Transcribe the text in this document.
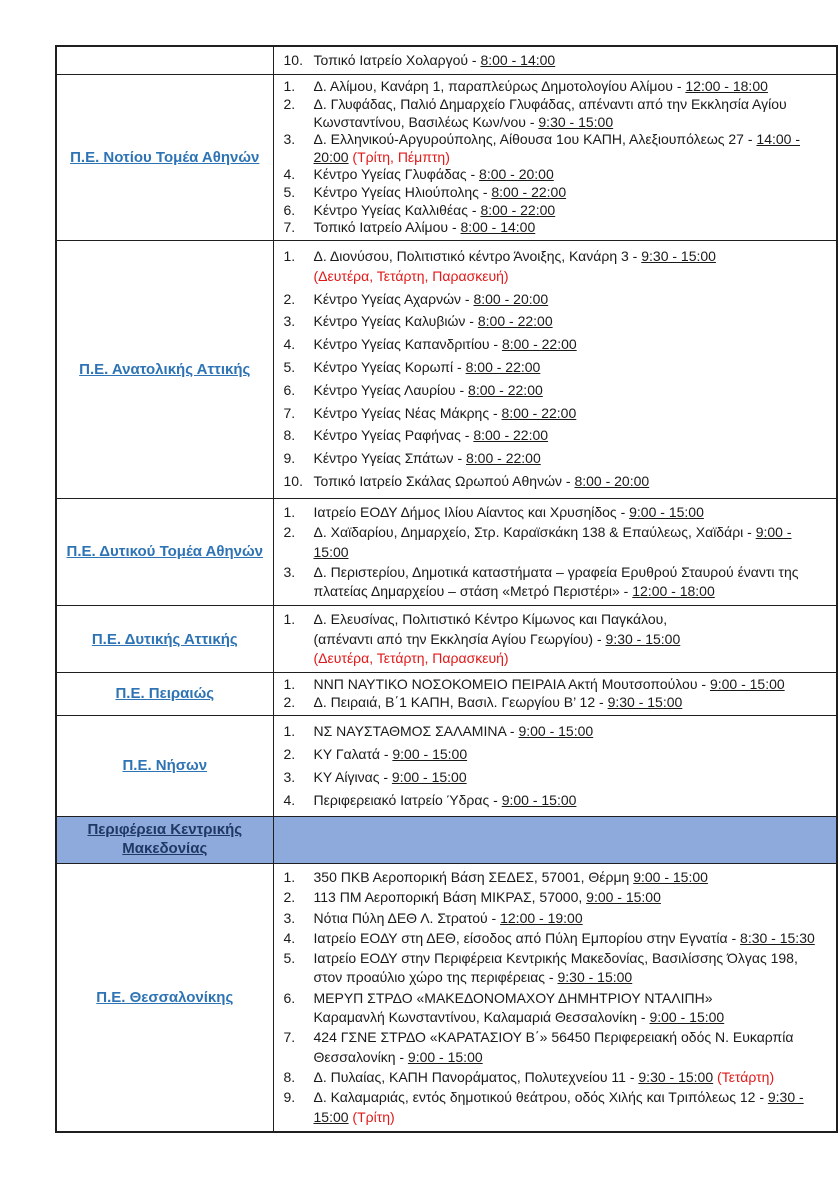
	10. Τοπικό Ιατρείο Χολαργού - 8:00 - 14:00

Π.Ε. Νοτίου Τομέα Αθηνών	
1.	Δ. Αλίμου, Κανάρη 1, παραπλεύρως Δημοτολογίου Αλίμου - 12:00 - 18:00
2.	Δ. Γλυφάδας, Παλιό Δημαρχείο Γλυφάδας, απέναντι από την Εκκλησία Αγίου Κωνσταντίνου, Βασιλέως Κων/νου - 9:30 - 15:00
3.	Δ. Ελληνικού-Αργυρούπολης, Αίθουσα 1ου ΚΑΠΗ, Αλεξιουπόλεως 27 - 14:00 - 20:00 (Τρίτη, Πέμπτη)
4.	Κέντρο Υγείας Γλυφάδας - 8:00 - 20:00
5.	Κέντρο Υγείας Ηλιούπολης - 8:00 - 22:00
6.	Κέντρο Υγείας Καλλιθέας - 8:00 - 22:00
7.	Τοπικό Ιατρείο Αλίμου - 8:00 - 14:00

Π.Ε. Ανατολικής Αττικής	
1.	Δ. Διονύσου, Πολιτιστικό κέντρο Άνοιξης, Κανάρη 3 - 9:30 - 15:00
(Δευτέρα, Τετάρτη, Παρασκευή)
2.	Κέντρο Υγείας Αχαρνών - 8:00 - 20:00
3.	Κέντρο Υγείας Καλυβιών - 8:00 - 22:00
4.	Κέντρο Υγείας Καπανδριτίου - 8:00 - 22:00
5.	Κέντρο Υγείας Κορωπί - 8:00 - 22:00
6.	Κέντρο Υγείας Λαυρίου - 8:00 - 22:00
7.	Κέντρο Υγείας Νέας Μάκρης - 8:00 - 22:00
8.	Κέντρο Υγείας Ραφήνας - 8:00 - 22:00
9.	Κέντρο Υγείας Σπάτων - 8:00 - 22:00
10. Τοπικό Ιατρείο Σκάλας Ωρωπού Αθηνών - 8:00 - 20:00

Π.Ε. Δυτικού Τομέα Αθηνών	
1.	Ιατρείο ΕΟΔΥ Δήμος Ιλίου Αίαντος και Χρυσηίδος - 9:00 - 15:00
2.	Δ. Χαϊδαρίου, Δημαρχείο, Στρ. Καραϊσκάκη 138 & Επαύλεως, Χαϊδάρι - 9:00 - 15:00
3.	Δ. Περιστερίου, Δημοτικά καταστήματα – γραφεία Ερυθρού Σταυρού έναντι της πλατείας Δημαρχείου – στάση «Μετρό Περιστέρι» - 12:00 - 18:00

Π.Ε. Δυτικής Αττικής	1. Δ. Ελευσίνας, Πολιτιστικό Κέντρο Κίμωνος και Παγκάλου,
(απέναντι από την Εκκλησία Αγίου Γεωργίου) - 9:30 - 15:00
(Δευτέρα, Τετάρτη, Παρασκευή)

Π.Ε. Πειραιώς	1. ΝΝΠ ΝΑΥΤΙΚΟ ΝΟΣΟΚΟΜΕΙΟ ΠΕΙΡΑΙΑ Ακτή Μουτσοπούλου - 9:00 - 15:00
2. Δ. Πειραιά, Β΄1 ΚΑΠΗ, Βασιλ. Γεωργίου Β’ 12 - 9:30 - 15:00

Π.Ε. Νήσων	
1.	ΝΣ ΝΑΥΣΤΑΘΜΟΣ ΣΑΛΑΜΙΝΑ - 9:00 - 15:00
2.	ΚΥ Γαλατά - 9:00 - 15:00
3.	ΚΥ Αίγινας - 9:00 - 15:00
4.	Περιφερειακό Ιατρείο Ύδρας - 9:00 - 15:00

Περιφέρεια Κεντρικής Μακεδονίας	
Π.Ε. Θεσσαλονίκης	
1.	350 ΠΚΒ Αεροπορική Βάση ΣΕΔΕΣ, 57001, Θέρμη 9:00 - 15:00
2.	113 ΠΜ Αεροπορική Βάση ΜΙΚΡΑΣ, 57000, 9:00 - 15:00
3.	Νότια Πύλη ΔΕΘ Λ. Στρατού - 12:00 - 19:00
4.	Ιατρείο ΕΟΔΥ στη ΔΕΘ, είσοδος από Πύλη Εμπορίου στην Εγνατία - 8:30 - 15:30
5.	Ιατρείο ΕΟΔΥ στην Περιφέρεια Κεντρικής Μακεδονίας, Βασιλίσσης Όλγας 198, στον προαύλιο χώρο της περιφέρειας - 9:30 - 15:00
6.	ΜΕΡΥΠ ΣΤΡΔΟ «ΜΑΚΕΔΟΝΟΜΑΧΟΥ ΔΗΜΗΤΡΙΟΥ ΝΤΑΛΙΠΗ»
Καραμανλή Κωνσταντίνου, Καλαμαριά Θεσσαλονίκη - 9:00 - 15:00
7.	424 ΓΣΝΕ ΣΤΡΔΟ «ΚΑΡΑΤΑΣΙΟΥ Β΄» 56450 Περιφερειακή οδός Ν. Ευκαρπία Θεσσαλονίκη - 9:00 - 15:00
8.	Δ. Πυλαίας, ΚΑΠΗ Πανοράματος, Πολυτεχνείου 11 - 9:30 - 15:00 (Τετάρτη)
9.	Δ. Καλαμαριάς, εντός δημοτικού θεάτρου, οδός Χιλής και Τριπόλεως 12 - 9:30 - 15:00 (Τρίτη)
